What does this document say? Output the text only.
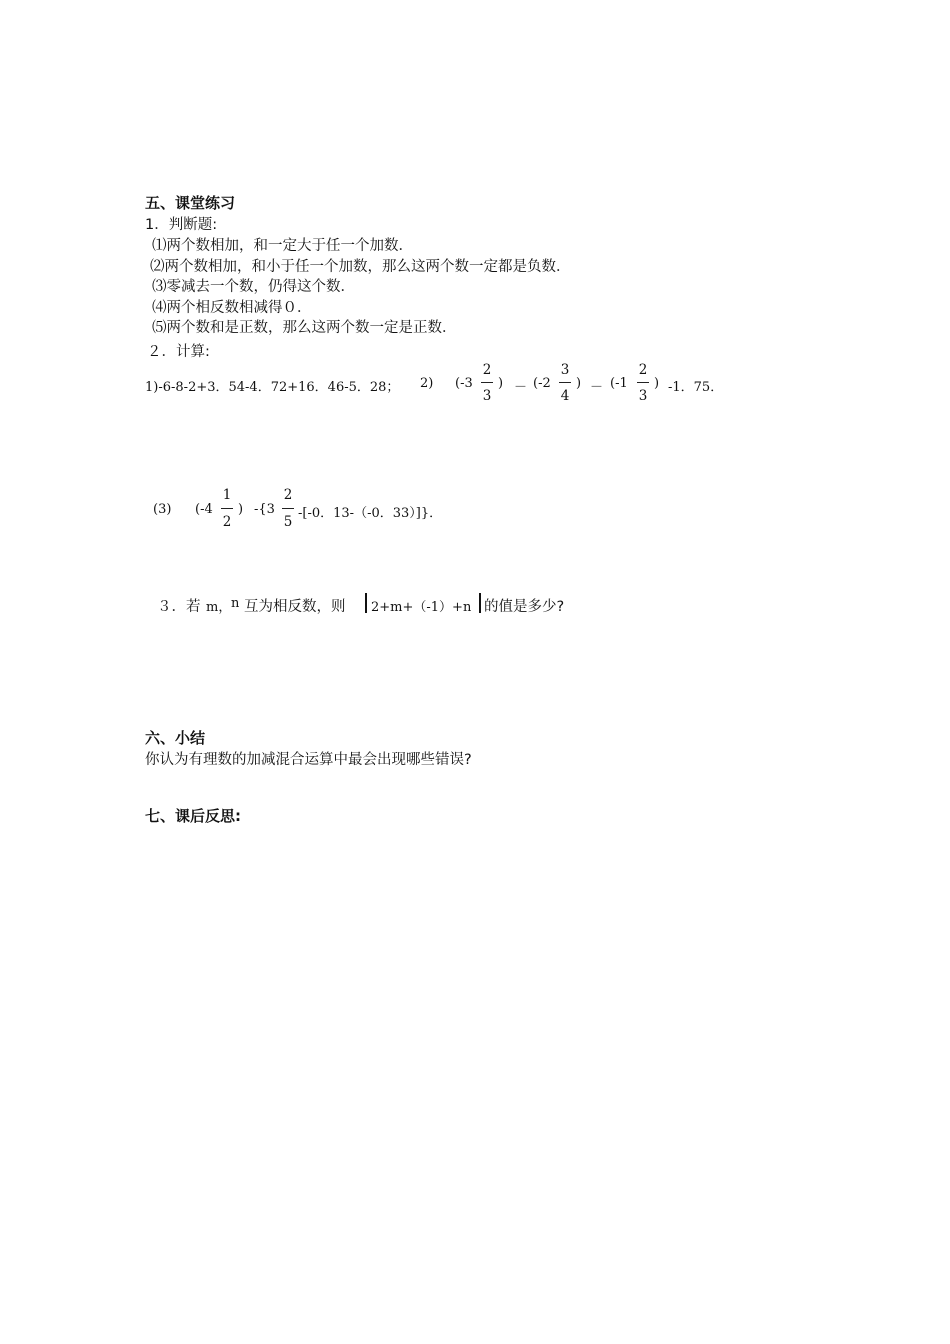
五、课堂练习
1．判断题:
⑴两个数相加，和一定大于任一个加数．
⑵两个数相加，和小于任一个加数，那么这两个数一定都是负数．
⑶零减去一个数，仍得这个数．
⑷两个相反数相减得０．
⑸两个数和是正数，那么这两个数一定是正数．
２．计算:
1)-6-8-2+3．54-4．72+16．46-5．28； 2) (-3
2
3
) － (-2
3
4
) － (-1
2
3
) -1．75．
(3) (-4
1
2
) -{3
2
5
-[-0．13-（-0．33）]}．
３．若 m， n 互为相反数，则 2+m+（-1）+n 的值是多少?
六、小结
你认为有理数的加减混合运算中最会出现哪些错误?
七、课后反思:
